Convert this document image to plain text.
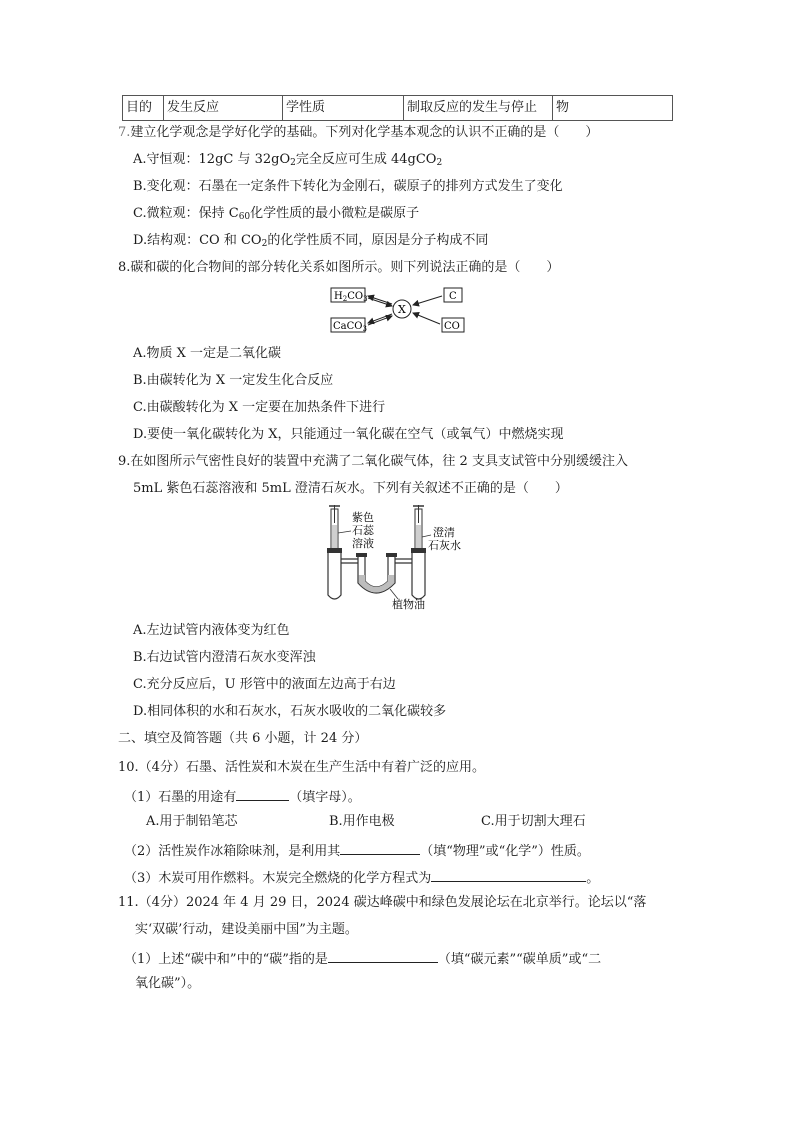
目的	发生反应	学性质	制取反应的发生与停止	物
7.建立化学观念是学好化学的基础。下列对化学基本观念的认识不正确的是（　　）
A.守恒观：12gC 与 $32gO_2$完全反应可生成 44gCO$_2$
B.变化观：石墨在一定条件下转化为金刚石，碳原子的排列方式发生了变化
C.微粒观：保持 $C_{60}$化学性质的最小微粒是碳原子
D.结构观：CO 和 $CO_2$的化学性质不同，原因是分子构成不同
8.碳和碳的化合物间的部分转化关系如图所示。则下列说法正确的是（　　）
$H_2CO_3$
CaCO$_3$
X
C
CO
A.物质 X 一定是二氧化碳
B.由碳转化为 X 一定发生化合反应
C.由碳酸转化为 X 一定要在加热条件下进行
D.要使一氧化碳转化为 X，只能通过一氧化碳在空气（或氧气）中燃烧实现
9.在如图所示气密性良好的装置中充满了二氧化碳气体，往 2 支具支试管中分别缓缓注入
5mL 紫色石蕊溶液和 5mL 澄清石灰水。下列有关叙述不正确的是（　　）
紫色
石蕊
溶液
澄清
石灰水
植物油
A.左边试管内液体变为红色
B.右边试管内澄清石灰水变浑浊
C.充分反应后，U 形管中的液面左边高于右边
D.相同体积的水和石灰水，石灰水吸收的二氧化碳较多
二、填空及简答题（共 6 小题，计 24 分）
10.（4分）石墨、活性炭和木炭在生产生活中有着广泛的应用。
（1）石墨的用途有	（填字母）。
A.用于制铅笔芯	B.用作电极	C.用于切割大理石
（2）活性炭作冰箱除味剂，是利用其	（填“物理”或“化学”）性质。
（3）木炭可用作燃料。木炭完全燃烧的化学方程式为	。
11.（4分）2024 年 4 月 29 日，2024 碳达峰碳中和绿色发展论坛在北京举行。论坛以“落
实‘双碳’行动，建设美丽中国”为主题。
（1）上述“碳中和”中的“碳”指的是	（填“碳元素”“碳单质”或“二
氧化碳”）。
